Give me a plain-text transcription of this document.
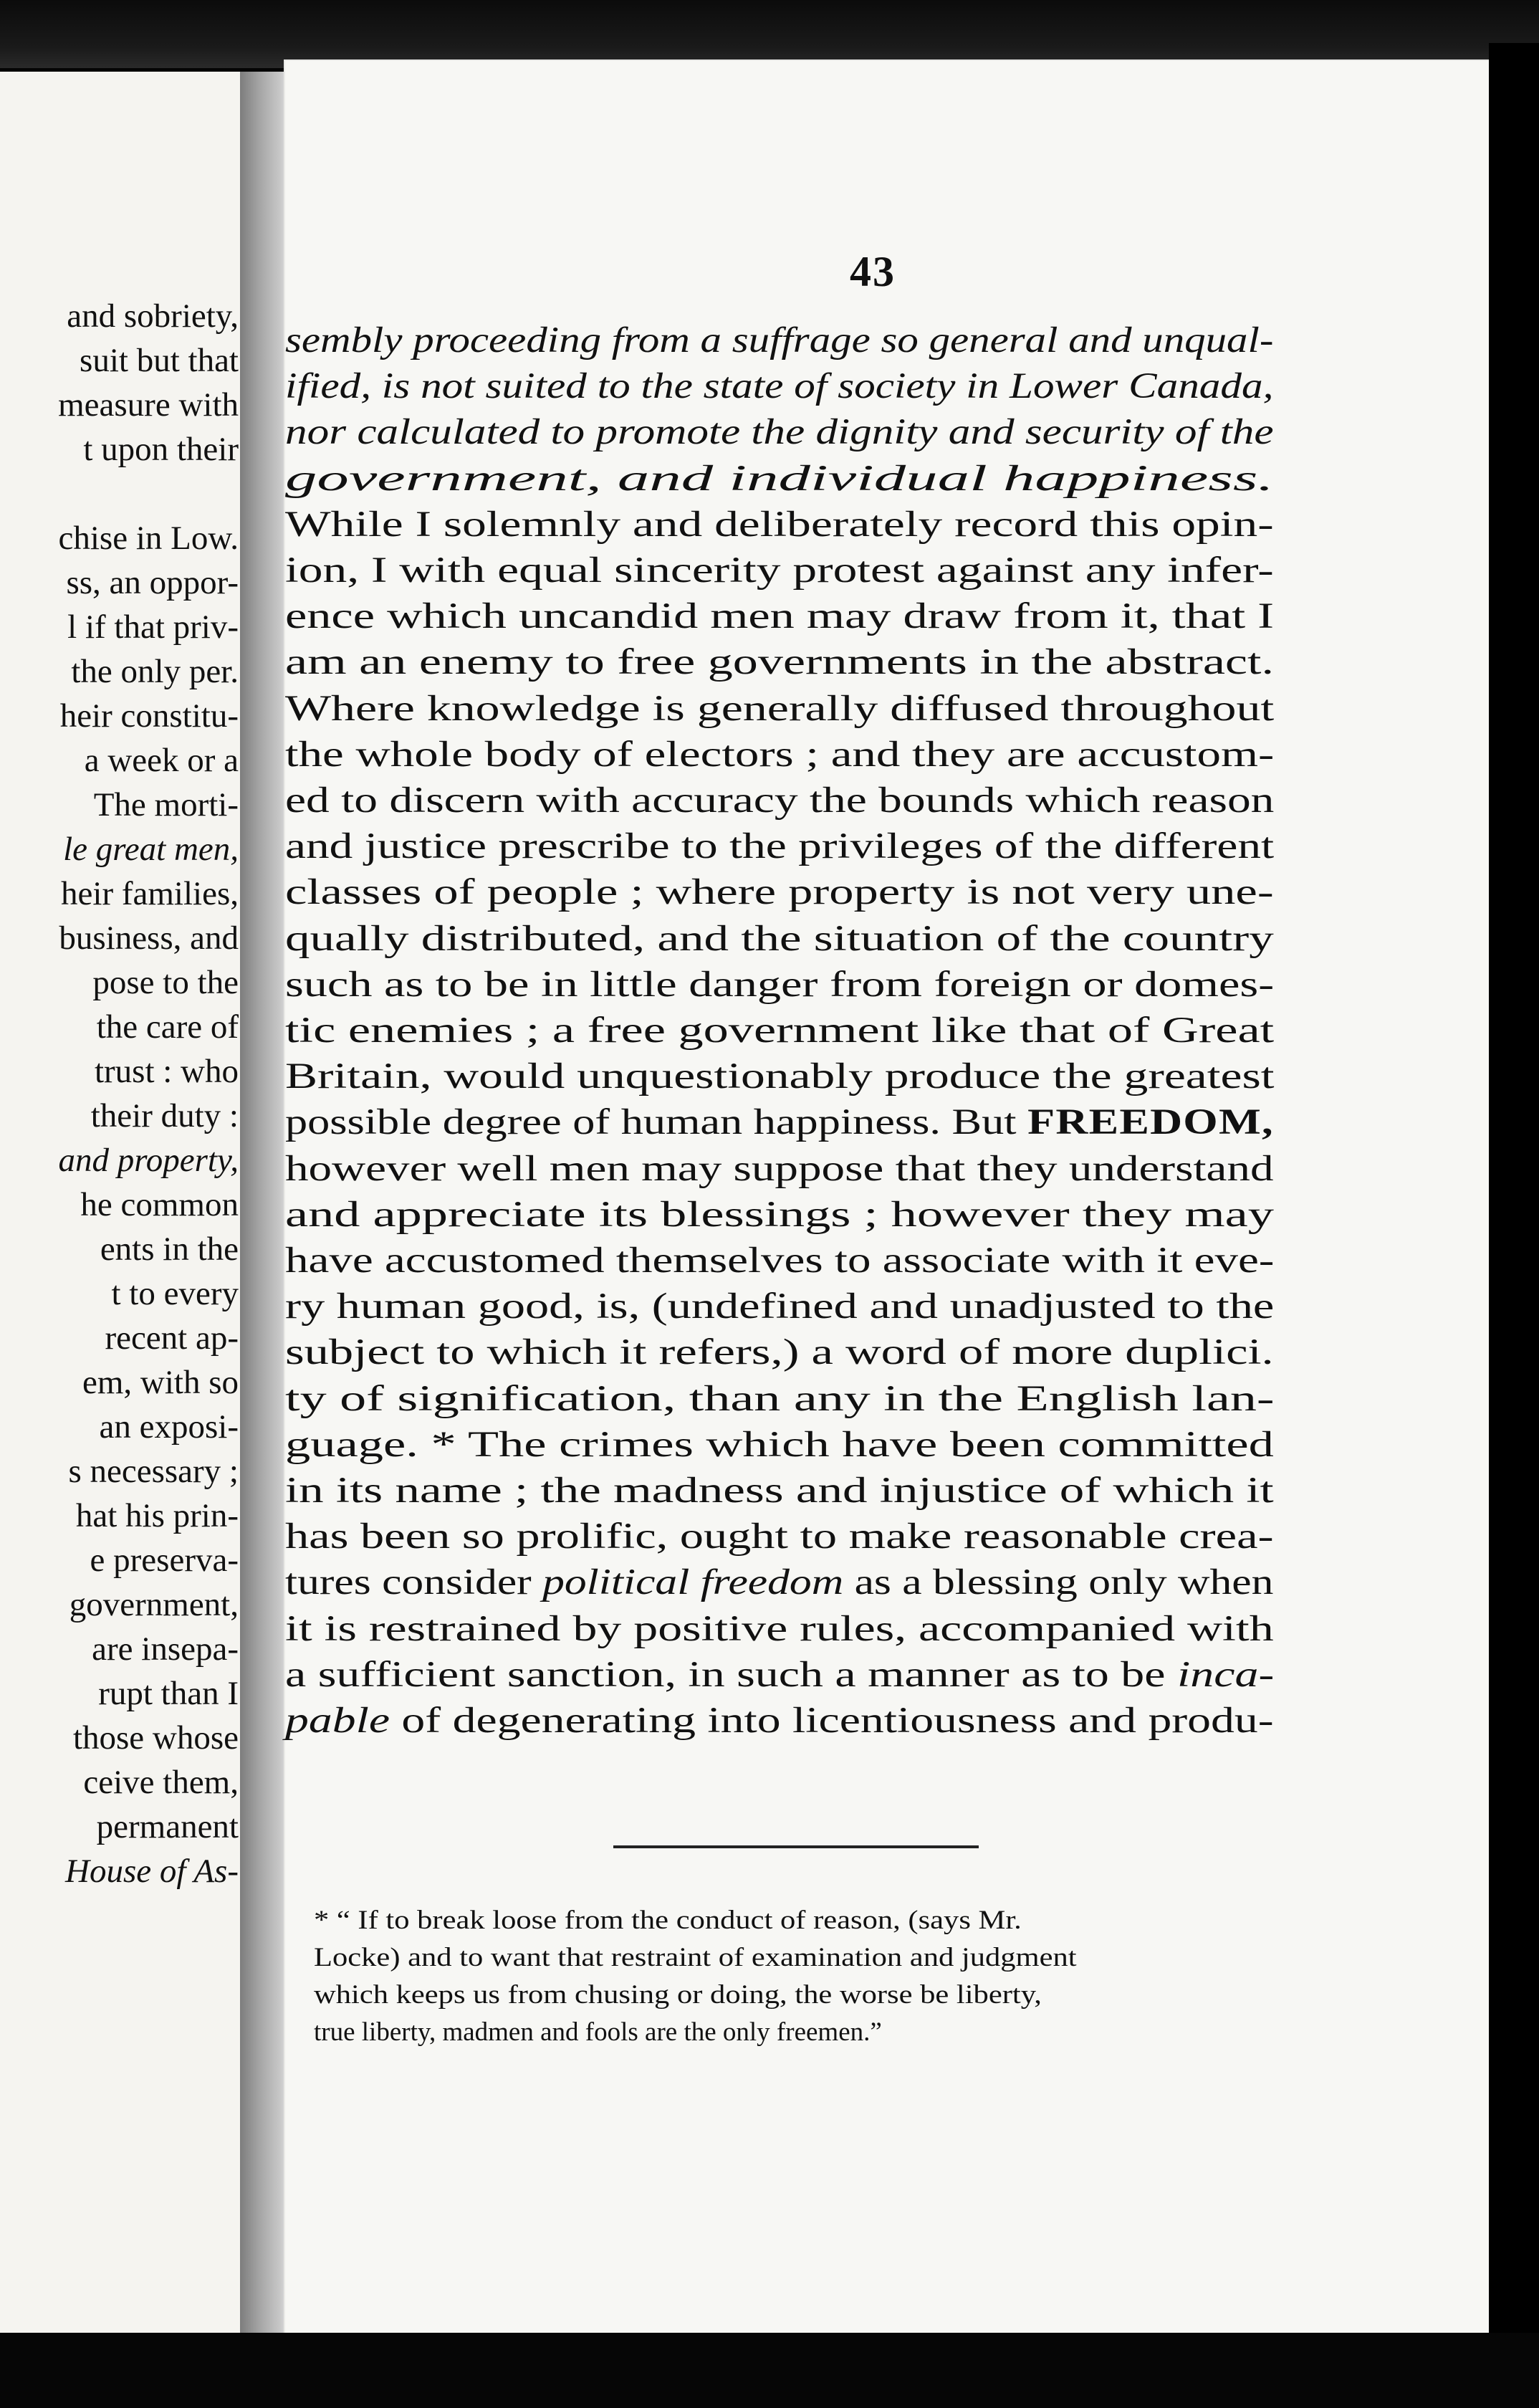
and sobriety,
suit but that
measure with
t upon their

chise in Low.
ss, an oppor-
l if that priv-
the only per.
heir constitu-
a week or a
The morti-
le great men,
heir families,
business, and
pose to the
the care of
trust : who
their duty :
and property,
he common
ents in the
t to every
recent ap-
em, with so
an exposi-
s necessary ;
hat his prin-
e preserva-
government,
are insepa-
rupt than I
those whose
ceive them,
permanent
House of As-
43
sembly proceeding from a suffrage so general and unqual-
ified, is not suited to the state of society in Lower Canada,
nor calculated to promote the dignity and security of the
government, and individual happiness.
While I solemnly and deliberately record this opin-
ion, I with equal sincerity protest against any infer-
ence which uncandid men may draw from it, that I
am an enemy to free governments in the abstract.
Where knowledge is generally diffused throughout
the whole body of electors ; and they are accustom-
ed to discern with accuracy the bounds which reason
and justice prescribe to the privileges of the different
classes of people ; where property is not very une-
qually distributed, and the situation of the country
such as to be in little danger from foreign or domes-
tic enemies ; a free government like that of Great
Britain, would unquestionably produce the greatest
possible degree of human happiness. But FREEDOM,
however well men may suppose that they understand
and appreciate its blessings ; however they may
have accustomed themselves to associate with it eve-
ry human good, is, (undefined and unadjusted to the
subject to which it refers,) a word of more duplici.
ty of signification, than any in the English lan-
guage. * The crimes which have been committed
in its name ; the madness and injustice of which it
has been so prolific, ought to make reasonable crea-
tures consider political freedom as a blessing only when
it is restrained by positive rules, accompanied with
a sufficient sanction, in such a manner as to be inca-
pable of degenerating into licentiousness and produ-
* “ If to break loose from the conduct of reason, (says Mr.
Locke) and to want that restraint of examination and judgment
which keeps us from chusing or doing, the worse be liberty,
true liberty, madmen and fools are the only freemen.”
